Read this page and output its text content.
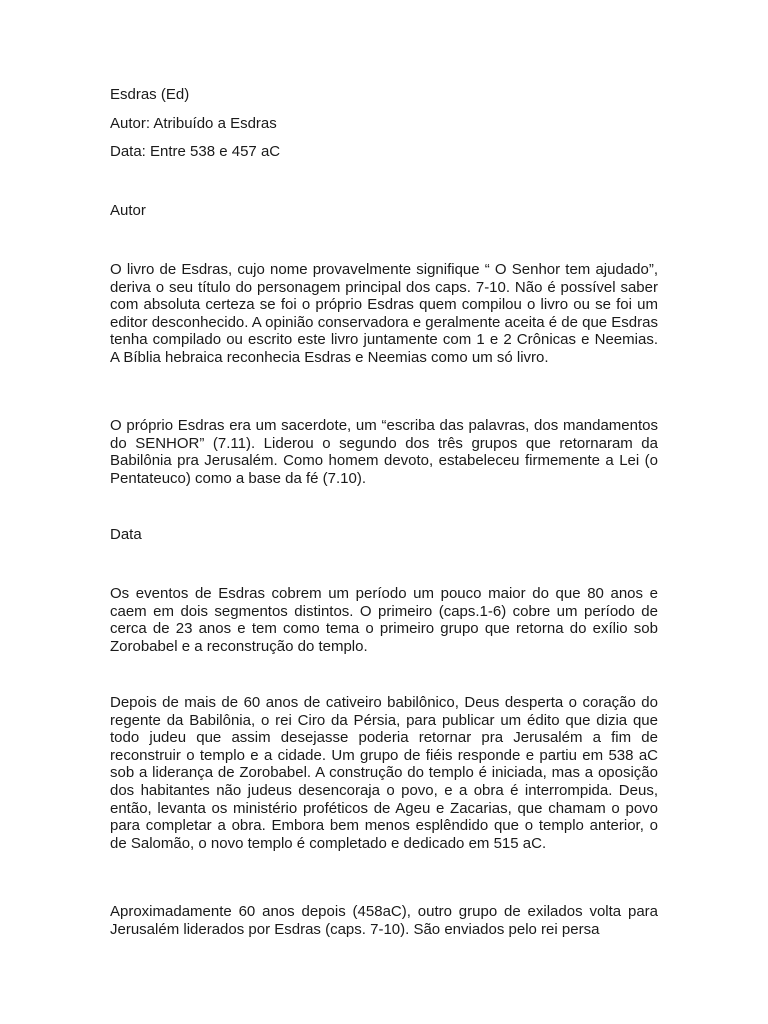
Esdras (Ed)
Autor: Atribuído a Esdras
Data: Entre 538 e 457 aC
Autor
O livro de Esdras, cujo nome provavelmente signifique “ O Senhor tem ajudado”, deriva o seu título do personagem principal dos caps. 7-10. Não é possível saber com absoluta certeza se foi o próprio Esdras quem compilou o livro ou se foi um editor desconhecido. A opinião conservadora e geralmente aceita é de que Esdras tenha compilado ou escrito este livro juntamente com 1 e 2 Crônicas e Neemias. A Bíblia hebraica reconhecia Esdras e Neemias como um só livro.
O próprio Esdras era um sacerdote, um “escriba das palavras, dos mandamentos do SENHOR” (7.11). Liderou o segundo dos três grupos que retornaram da Babilônia pra Jerusalém. Como homem devoto, estabeleceu firmemente a Lei (o Pentateuco) como a base da fé (7.10).
Data
Os eventos de Esdras cobrem um período um pouco maior do que 80 anos e caem em dois segmentos distintos. O primeiro (caps.1-6) cobre um período de cerca de 23 anos e tem como tema o primeiro grupo que retorna do exílio sob Zorobabel e a reconstrução do templo.
Depois de mais de 60 anos de cativeiro babilônico, Deus desperta o coração do regente da Babilônia, o rei Ciro da Pérsia, para publicar um édito que dizia que todo judeu que assim desejasse poderia retornar pra Jerusalém a fim de reconstruir o templo e a cidade. Um grupo de fiéis responde e partiu em 538 aC sob a liderança de Zorobabel. A construção do templo é iniciada, mas a oposição dos habitantes não judeus desencoraja o povo, e a obra é interrompida. Deus, então, levanta os ministério proféticos de Ageu e Zacarias, que chamam o povo para completar a obra. Embora bem menos esplêndido que o templo anterior, o de Salomão, o novo templo é completado e dedicado em 515 aC.
Aproximadamente 60 anos depois (458aC), outro grupo de exilados volta para Jerusalém liderados por Esdras (caps. 7-10). São enviados pelo rei persa
